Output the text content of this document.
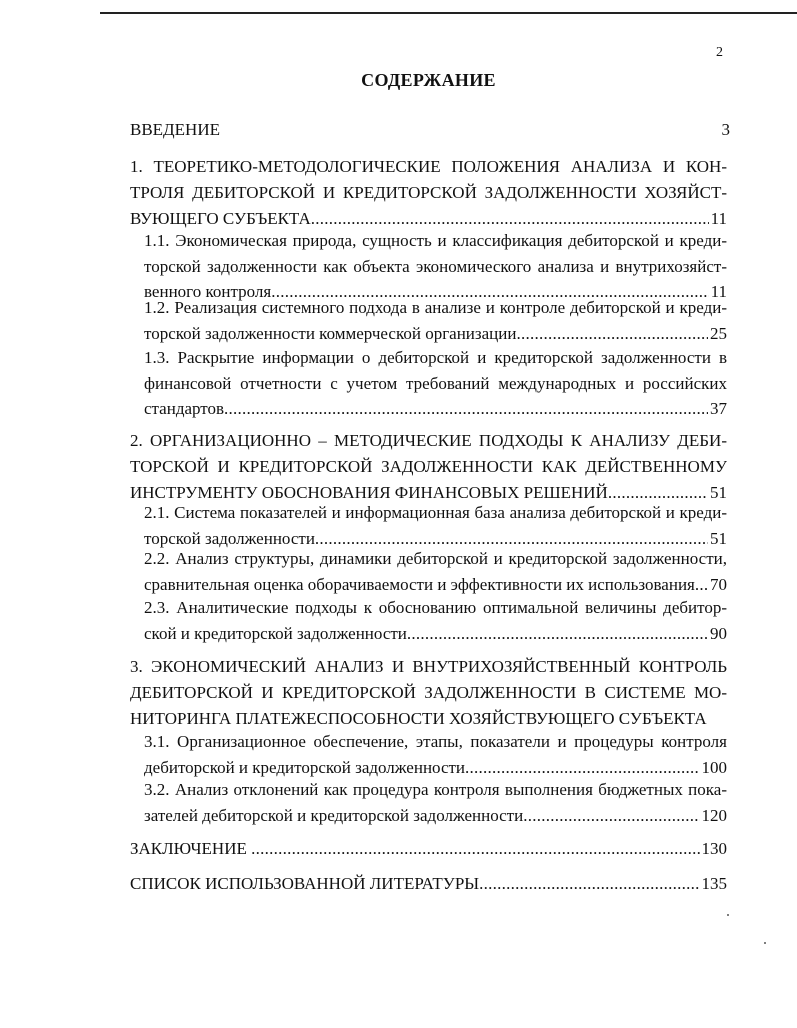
2
СОДЕРЖАНИЕ
ВВЕДЕНИЕ	3
1. ТЕОРЕТИКО-МЕТОДОЛОГИЧЕСКИЕ ПОЛОЖЕНИЯ АНАЛИЗА И КОН-
ТРОЛЯ ДЕБИТОРСКОЙ И КРЕДИТОРСКОЙ ЗАДОЛЖЕННОСТИ ХОЗЯЙСТ-
ВУЮЩЕГО СУБЪЕКТА . . .	11
1.1. Экономическая природа, сущность и классификация дебиторской и креди-
торской задолженности как объекта экономического анализа и внутрихозяйст-
венного контроля . . .	11
1.2. Реализация системного подхода в анализе и контроле дебиторской и креди-
торской задолженности коммерческой организации . . .	25
1.3. Раскрытие информации о дебиторской и кредиторской задолженности в
финансовой отчетности с учетом требований международных и российских
стандартов . . .	37
2. ОРГАНИЗАЦИОННО – МЕТОДИЧЕСКИЕ ПОДХОДЫ К АНАЛИЗУ ДЕБИ-
ТОРСКОЙ И КРЕДИТОРСКОЙ ЗАДОЛЖЕННОСТИ КАК ДЕЙСТВЕННОМУ
ИНСТРУМЕНТУ ОБОСНОВАНИЯ ФИНАНСОВЫХ РЕШЕНИЙ . . .	51
2.1. Система показателей и информационная база анализа дебиторской и креди-
торской задолженности . . .	51
2.2. Анализ структуры, динамики дебиторской и кредиторской задолженности,
сравнительная оценка оборачиваемости и эффективности их использования . . . 70
2.3. Аналитические подходы к обоснованию оптимальной величины дебитор-
ской и кредиторской задолженности . . .	90
3. ЭКОНОМИЧЕСКИЙ АНАЛИЗ И ВНУТРИХОЗЯЙСТВЕННЫЙ КОНТРОЛЬ
ДЕБИТОРСКОЙ И КРЕДИТОРСКОЙ ЗАДОЛЖЕННОСТИ В СИСТЕМЕ МО-
НИТОРИНГА ПЛАТЕЖЕСПОСОБНОСТИ ХОЗЯЙСТВУЮЩЕГО СУБЪЕКТА
3.1. Организационное обеспечение, этапы, показатели и процедуры контроля
дебиторской и кредиторской задолженности . . .	100
3.2. Анализ отклонений как процедура контроля выполнения бюджетных пока-
зателей дебиторской и кредиторской задолженности . . .	120
ЗАКЛЮЧЕНИЕ . . .	130
СПИСОК ИСПОЛЬЗОВАННОЙ ЛИТЕРАТУРЫ . . .	135
